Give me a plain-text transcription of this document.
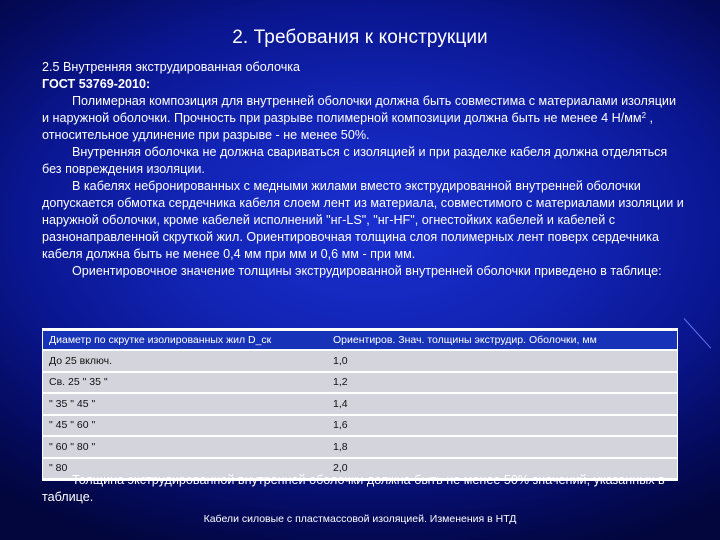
2. Требования к конструкции

2.5 Внутренняя экструдированная оболочка

ГОСТ 53769-2010:

Полимерная композиция для внутренней оболочки должна быть совместима с материалами изоляции и наружной оболочки. Прочность при разрыве полимерной композиции должна быть не менее 4 $Н/мм^2$ , относительное удлинение при разрыве - не менее 50%.

Внутренняя оболочка не должна свариваться с изоляцией и при разделке кабеля должна отделяться без повреждения изоляции.

В кабелях небронированных с медными жилами вместо экструдированной внутренней оболочки допускается обмотка сердечника кабеля слоем лент из материала, совместимого с материалами изоляции и наружной оболочки, кроме кабелей исполнений "нг-LS", "нг-HF", огнестойких кабелей и кабелей с разнонаправленной скруткой жил. Ориентировочная толщина слоя полимерных лент поверх сердечника кабеля должна быть не менее 0,4 мм при мм и 0,6 мм - при мм.

Ориентировочное значение толщины экструдированной внутренней оболочки приведено в таблице:

Диаметр по скрутке изолированных жил D_ск	Ориентиров. Знач. толщины экструдир. Оболочки, мм
До 25 включ.	1,0
Св. 25 " 35 "	1,2
" 35 " 45 "	1,4
" 45 " 60 "	1,6
" 60 " 80 "	1,8
" 80	2,0

Толщина экструдированной внутренней оболочки должна быть не менее 50% значений, указанных в таблице.

Кабели силовые с пластмассовой изоляцией. Изменения в НТД
